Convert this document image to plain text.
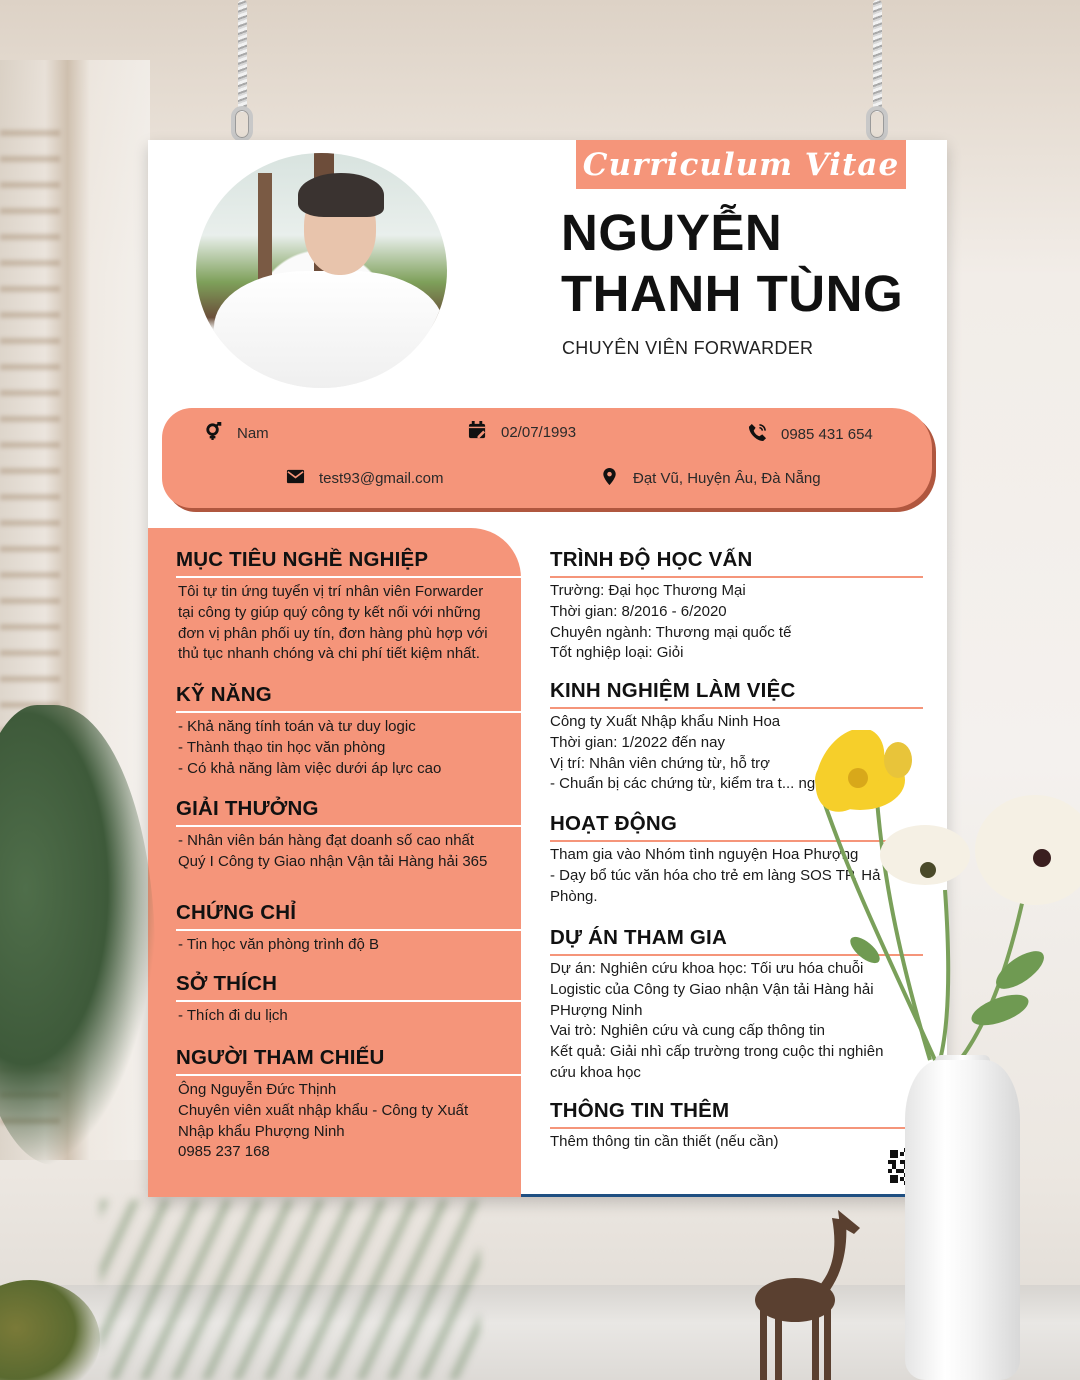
Curriculum Vitae
NGUYỄN
THANH TÙNG
CHUYÊN VIÊN FORWARDER
Nam	02/07/1993	0985 431 654
test93@gmail.com	Đạt Vũ, Huyện Âu, Đà Nẵng
MỤC TIÊU NGHỀ NGHIỆP
Tôi tự tin ứng tuyển vị trí nhân viên Forwarder
tại công ty giúp quý công ty kết nối với những
đơn vị phân phối uy tín, đơn hàng phù hợp với
thủ tục nhanh chóng và chi phí tiết kiệm nhất.
KỸ NĂNG
- Khả năng tính toán và tư duy logic
- Thành thạo tin học văn phòng
- Có khả năng làm việc dưới áp lực cao
GIẢI THƯỞNG
- Nhân viên bán hàng đạt doanh số cao nhất
Quý I Công ty Giao nhận Vận tải Hàng hải 365
CHỨNG CHỈ
- Tin học văn phòng trình độ B
SỞ THÍCH
- Thích đi du lịch
NGƯỜI THAM CHIẾU
Ông Nguyễn Đức Thịnh
Chuyên viên xuất nhập khẩu - Công ty Xuất
Nhập khẩu Phượng Ninh
0985 237 168
TRÌNH ĐỘ HỌC VẤN
Trường: Đại học Thương Mại
Thời gian: 8/2016 - 6/2020
Chuyên ngành: Thương mại quốc tế
Tốt nghiệp loại: Giỏi
KINH NGHIỆM LÀM VIỆC
Công ty Xuất Nhập khẩu Ninh Hoa
Thời gian: 1/2022 đến nay
Vị trí: Nhân viên chứng từ, hỗ trợ
- Chuẩn bị các chứng từ, kiểm tra t... ng
HOẠT ĐỘNG
Tham gia vào Nhóm tình nguyện Hoa Phượng
- Dạy bổ túc văn hóa cho trẻ em làng SOS TP. Hả
Phòng.
DỰ ÁN THAM GIA
Dự án: Nghiên cứu khoa học: Tối ưu hóa chuỗi
Logistic của Công ty Giao nhận Vận tải Hàng hải
PHượng Ninh
Vai trò: Nghiên cứu và cung cấp thông tin
Kết quả: Giải nhì cấp trường trong cuộc thi nghiên
cứu khoa học
THÔNG TIN THÊM
Thêm thông tin cần thiết (nếu cần)
